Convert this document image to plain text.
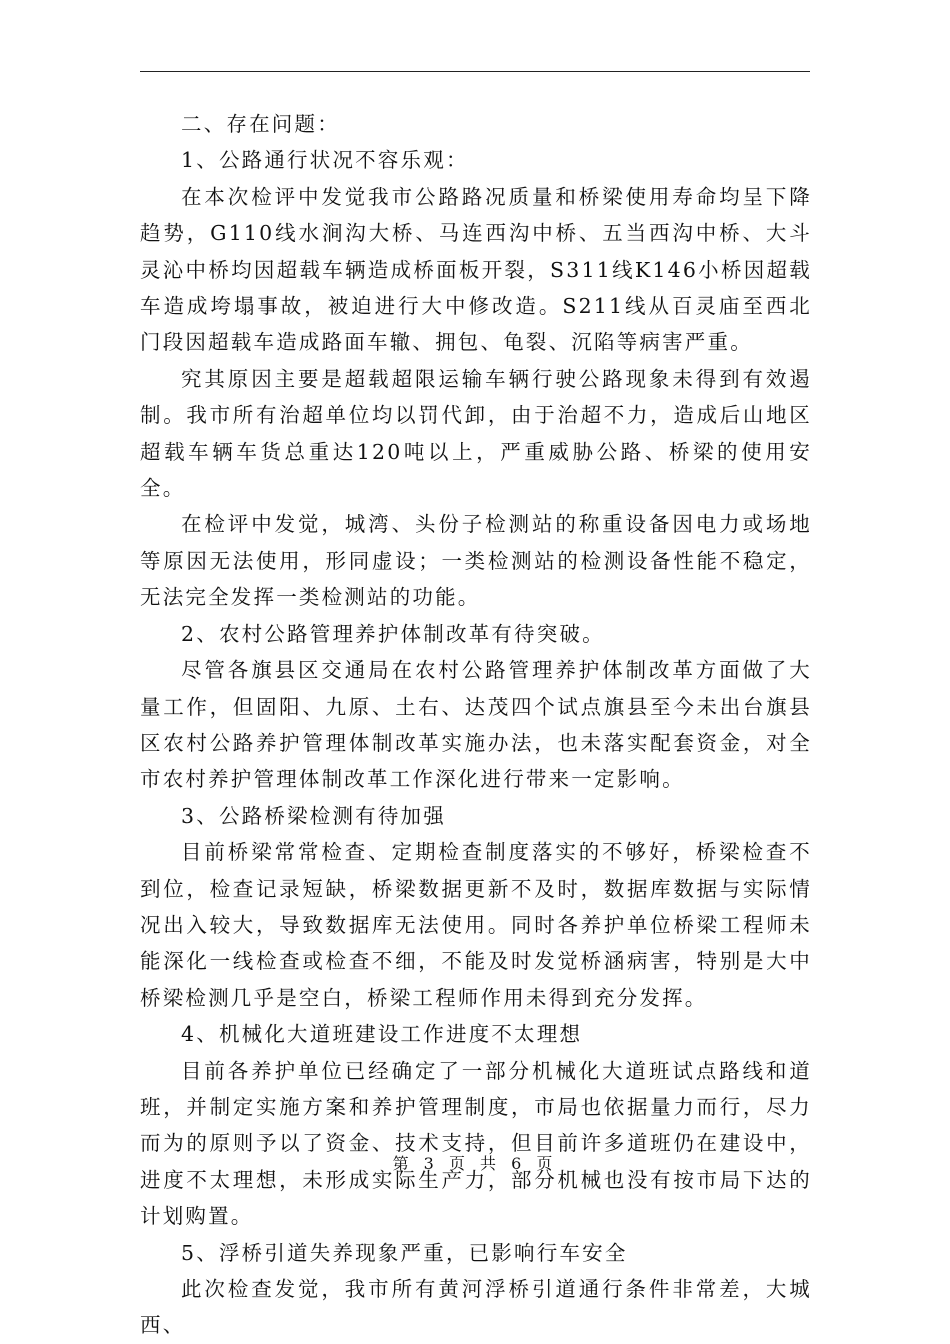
二、存在问题：

1、公路通行状况不容乐观：

在本次检评中发觉我市公路路况质量和桥梁使用寿命均呈下降趋势，G110线水涧沟大桥、马连西沟中桥、五当西沟中桥、大斗灵沁中桥均因超载车辆造成桥面板开裂，S311线K146小桥因超载车造成垮塌事故，被迫进行大中修改造。S211线从百灵庙至西北门段因超载车造成路面车辙、拥包、龟裂、沉陷等病害严重。

究其原因主要是超载超限运输车辆行驶公路现象未得到有效遏制。我市所有治超单位均以罚代卸，由于治超不力，造成后山地区超载车辆车货总重达120吨以上，严重威胁公路、桥梁的使用安全。

在检评中发觉，城湾、头份子检测站的称重设备因电力或场地等原因无法使用，形同虚设；一类检测站的检测设备性能不稳定，无法完全发挥一类检测站的功能。

2、农村公路管理养护体制改革有待突破。

尽管各旗县区交通局在农村公路管理养护体制改革方面做了大量工作，但固阳、九原、土右、达茂四个试点旗县至今未出台旗县区农村公路养护管理体制改革实施办法，也未落实配套资金，对全市农村养护管理体制改革工作深化进行带来一定影响。

3、公路桥梁检测有待加强

目前桥梁常常检查、定期检查制度落实的不够好，桥梁检查不到位，检查记录短缺，桥梁数据更新不及时，数据库数据与实际情况出入较大，导致数据库无法使用。同时各养护单位桥梁工程师未能深化一线检查或检查不细，不能及时发觉桥涵病害，特别是大中桥梁检测几乎是空白，桥梁工程师作用未得到充分发挥。

4、机械化大道班建设工作进度不太理想

目前各养护单位已经确定了一部分机械化大道班试点路线和道班，并制定实施方案和养护管理制度，市局也依据量力而行，尽力而为的原则予以了资金、技术支持，但目前许多道班仍在建设中，进度不太理想，未形成实际生产力，部分机械也没有按市局下达的计划购置。

5、浮桥引道失养现象严重，已影响行车安全

此次检查发觉，我市所有黄河浮桥引道通行条件非常差，大城西、

第 3 页 共 6 页
